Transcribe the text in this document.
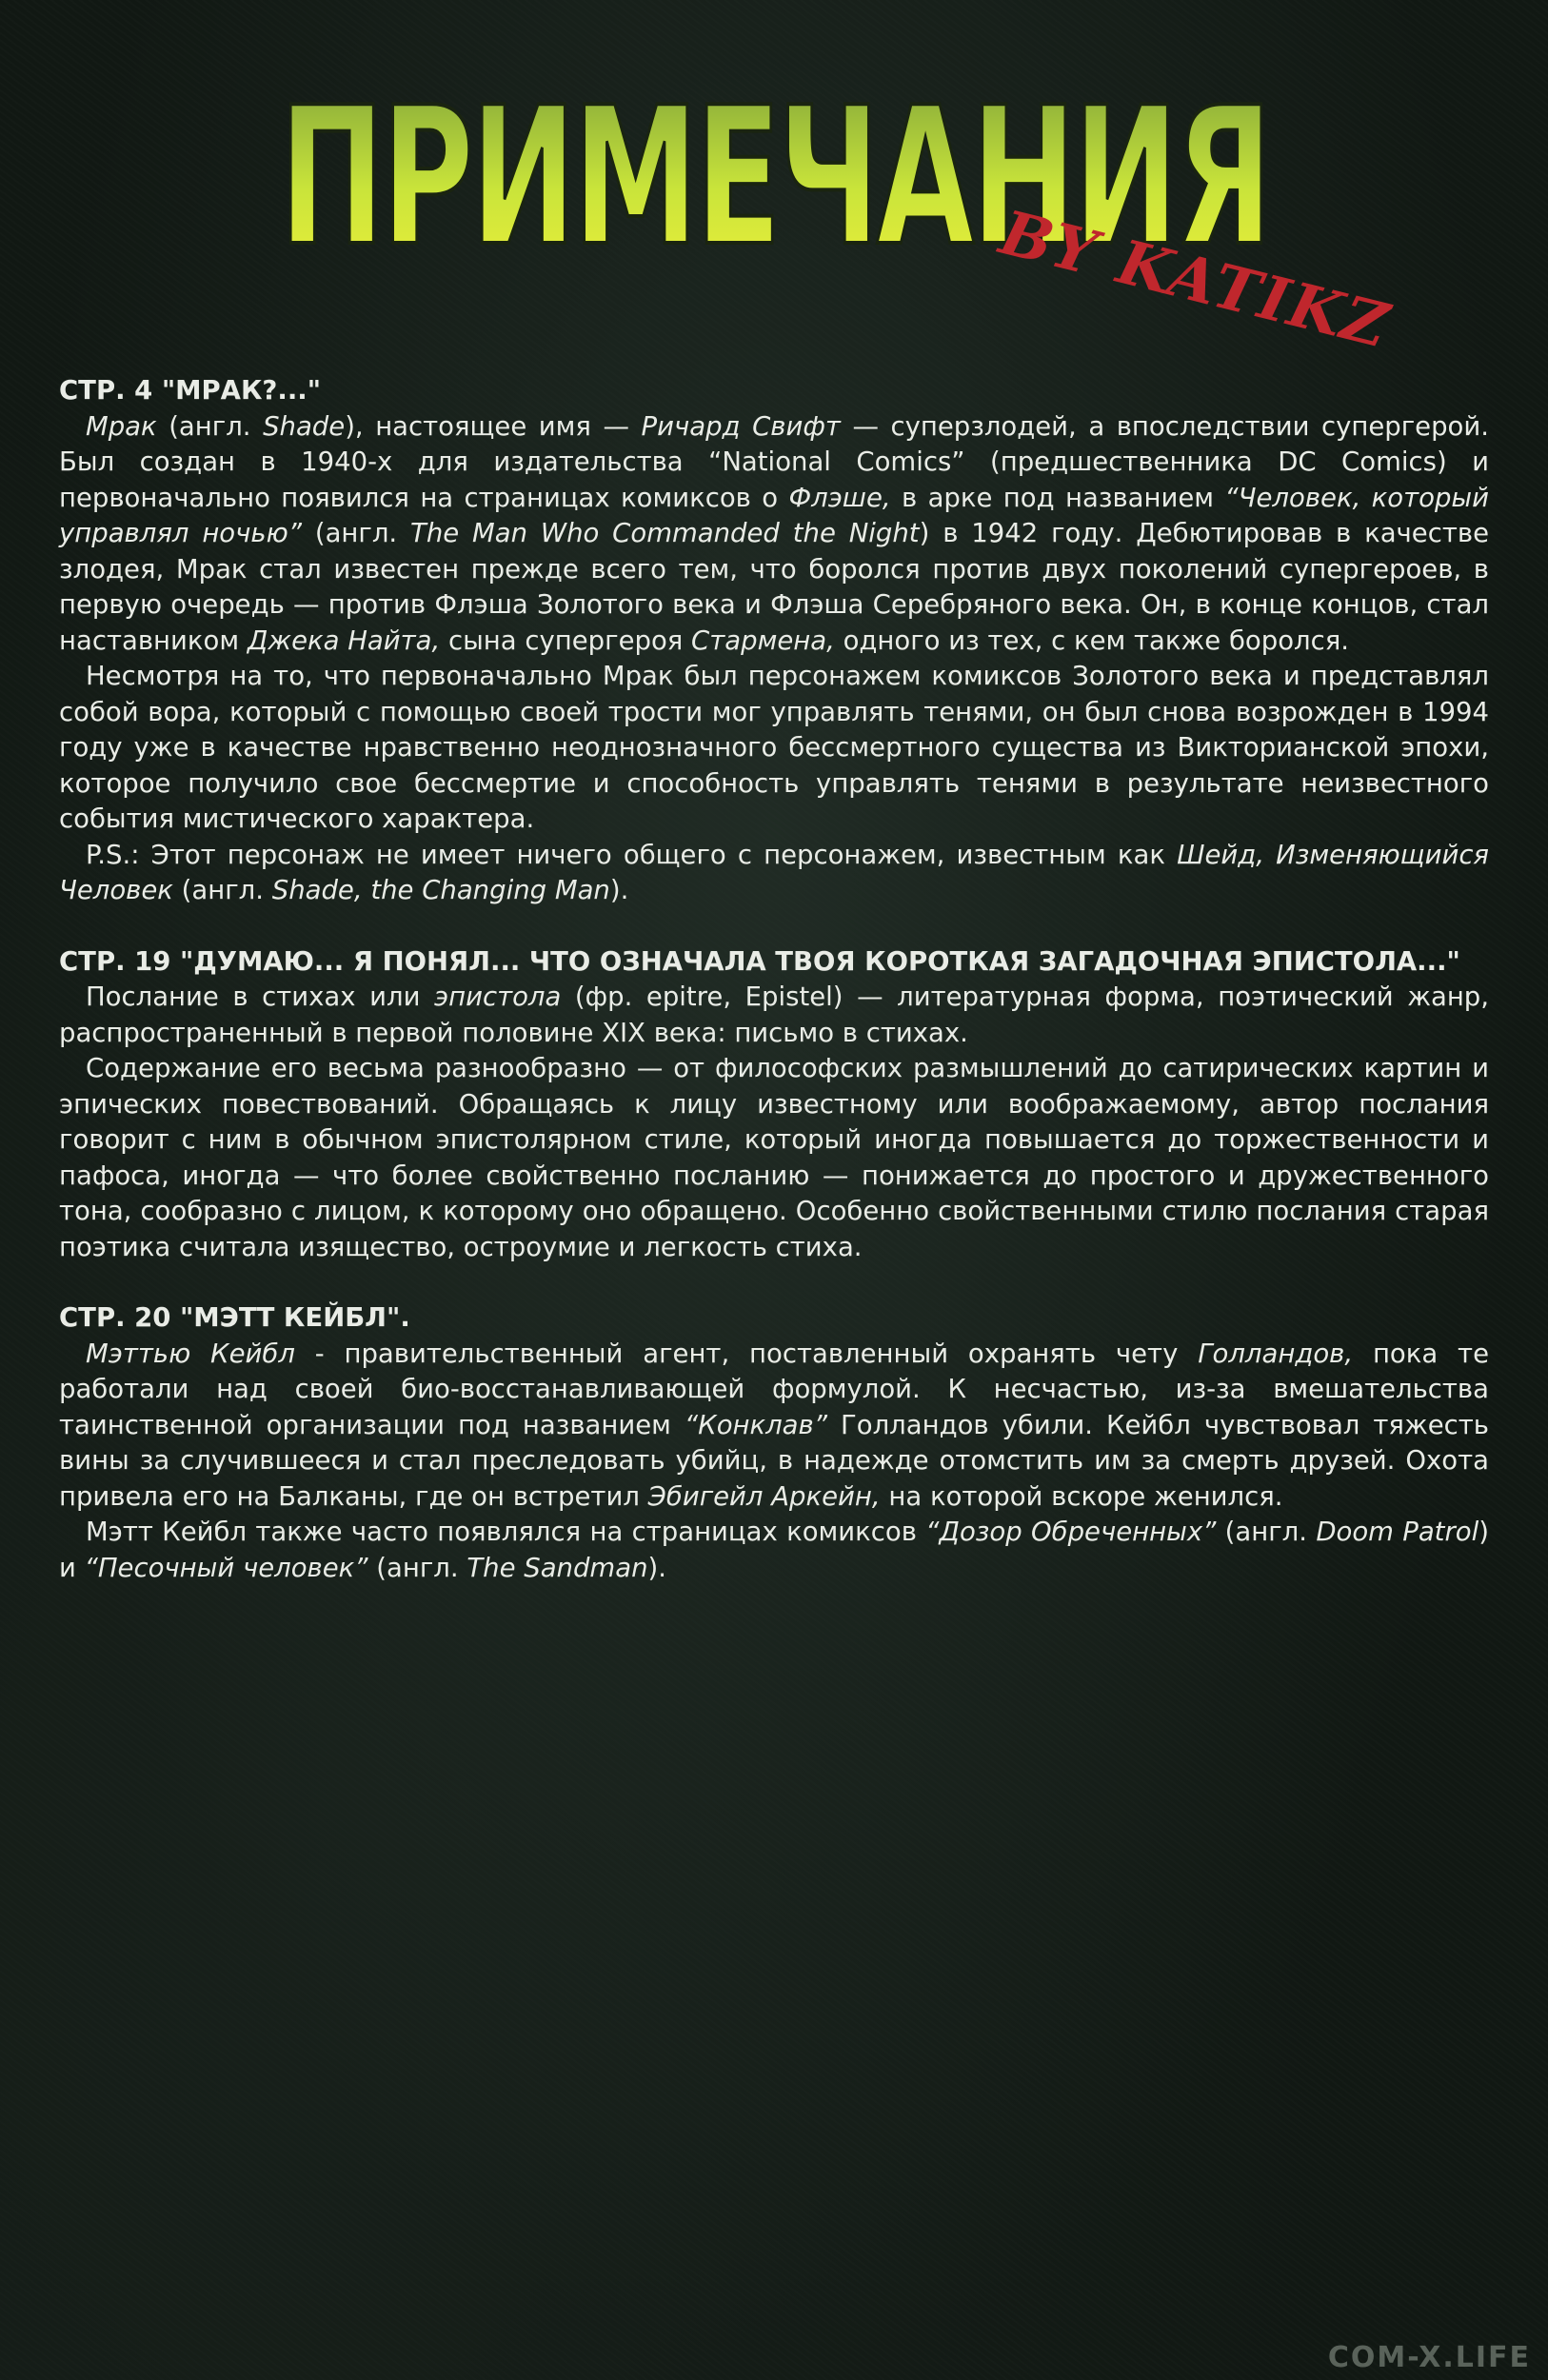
ПРИМЕЧАНИЯ
BY KATIKZ

СТР. 4 "МРАК?..."

Мрак (англ. Shade), настоящее имя — Ричард Свифт — суперзлодей, а впоследствии супергерой. Был создан в 1940-х для издательства “National Comics” (предшественника DC Comics) и первоначально появился на страницах комиксов о Флэше, в арке под названием “Человек, который управлял ночью” (англ. The Man Who Commanded the Night) в 1942 году. Дебютировав в качестве злодея, Мрак стал известен прежде всего тем, что боролся против двух поколений супергероев, в первую очередь — против Флэша Золотого века и Флэша Серебряного века. Он, в конце концов, стал наставником Джека Найта, сына супергероя Стармена, одного из тех, с кем также боролся.

Несмотря на то, что первоначально Мрак был персонажем комиксов Золотого века и представлял собой вора, который с помощью своей трости мог управлять тенями, он был снова возрожден в 1994 году уже в качестве нравственно неоднозначного бессмертного существа из Викторианской эпохи, которое получило свое бессмертие и способность управлять тенями в результате неизвестного события мистического характера.

P.S.: Этот персонаж не имеет ничего общего с персонажем, известным как Шейд, Изменяющийся Человек (англ. Shade, the Changing Man).

СТР. 19 "ДУМАЮ... Я ПОНЯЛ... ЧТО ОЗНАЧАЛА ТВОЯ КОРОТКАЯ ЗАГАДОЧНАЯ ЭПИСТОЛА..."

Послание в стихах или эпистола (фр. epitre, Epistel) — литературная форма, поэтический жанр, распространенный в первой половине XIX века: письмо в стихах.

Содержание его весьма разнообразно — от философских размышлений до сатирических картин и эпических повествований. Обращаясь к лицу известному или воображаемому, автор послания говорит с ним в обычном эпистолярном стиле, который иногда повышается до торжественности и пафоса, иногда — что более свойственно посланию — понижается до простого и дружественного тона, сообразно с лицом, к которому оно обращено. Особенно свойственными стилю послания старая поэтика считала изящество, остроумие и легкость стиха.

СТР. 20 "МЭТТ КЕЙБЛ".

Мэттью Кейбл - правительственный агент, поставленный охранять чету Голландов, пока те работали над своей био-восстанавливающей формулой. К несчастью, из-за вмешательства таинственной организации под названием “Конклав” Голландов убили. Кейбл чувствовал тяжесть вины за случившееся и стал преследовать убийц, в надежде отомстить им за смерть друзей. Охота привела его на Балканы, где он встретил Эбигейл Аркейн, на которой вскоре женился.

Мэтт Кейбл также часто появлялся на страницах комиксов “Дозор Обреченных” (англ. Doom Patrol) и “Песочный человек” (англ. The Sandman).

COM-X.LIFE
